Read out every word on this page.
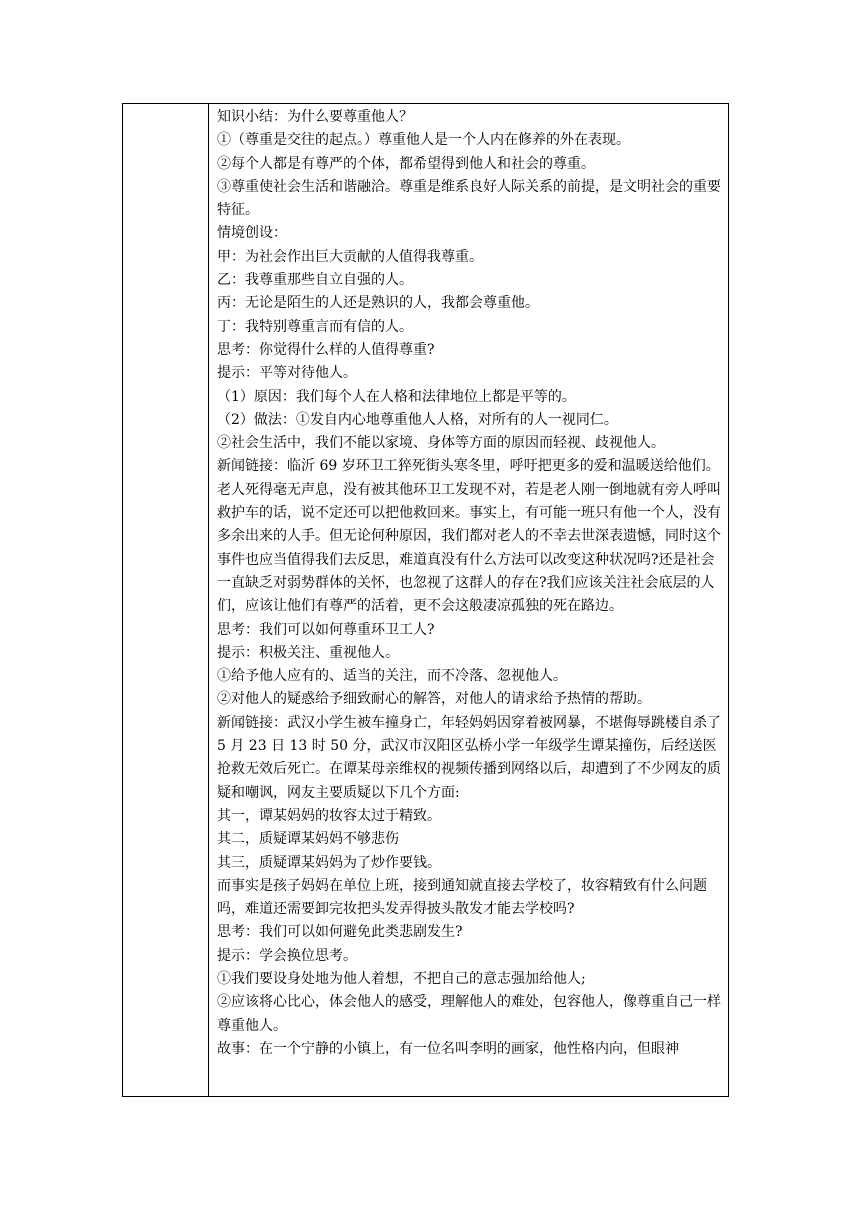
知识小结：为什么要尊重他人？
①（尊重是交往的起点。）尊重他人是一个人内在修养的外在表现。
②每个人都是有尊严的个体，都希望得到他人和社会的尊重。
③尊重使社会生活和谐融洽。尊重是维系良好人际关系的前提，是文明社会的重要特征。
情境创设：
甲：为社会作出巨大贡献的人值得我尊重。
乙：我尊重那些自立自强的人。
丙：无论是陌生的人还是熟识的人，我都会尊重他。
丁：我特别尊重言而有信的人。
思考：你觉得什么样的人值得尊重?
提示：平等对待他人。
（1）原因：我们每个人在人格和法律地位上都是平等的。
（2）做法：①发自内心地尊重他人人格，对所有的人一视同仁。
②社会生活中，我们不能以家境、身体等方面的原因而轻视、歧视他人。
新闻链接：临沂 69 岁环卫工猝死街头寒冬里，呼吁把更多的爱和温暖送给他们。
老人死得毫无声息，没有被其他环卫工发现不对，若是老人刚一倒地就有旁人呼叫救护车的话，说不定还可以把他救回来。事实上，有可能一班只有他一个人，没有多余出来的人手。但无论何种原因，我们都对老人的不幸去世深表遗憾，同时这个事件也应当值得我们去反思，难道真没有什么方法可以改变这种状况吗?还是社会一直缺乏对弱势群体的关怀，也忽视了这群人的存在?我们应该关注社会底层的人们，应该让他们有尊严的活着，更不会这般凄凉孤独的死在路边。
思考：我们可以如何尊重环卫工人?
提示：积极关注、重视他人。
①给予他人应有的、适当的关注，而不冷落、忽视他人。
②对他人的疑惑给予细致耐心的解答，对他人的请求给予热情的帮助。
新闻链接：武汉小学生被车撞身亡，年轻妈妈因穿着被网暴，不堪侮辱跳楼自杀了
5 月 23 日 13 时 50 分，武汉市汉阳区弘桥小学一年级学生谭某撞伤，后经送医抢救无效后死亡。在谭某母亲维权的视频传播到网络以后，却遭到了不少网友的质疑和嘲讽，网友主要质疑以下几个方面:
其一，谭某妈妈的妆容太过于精致。
其二，质疑谭某妈妈不够悲伤
其三，质疑谭某妈妈为了炒作要钱。
而事实是孩子妈妈在单位上班，接到通知就直接去学校了，妆容精致有什么问题吗，难道还需要卸完妆把头发弄得披头散发才能去学校吗?
思考：我们可以如何避免此类悲剧发生?
提示：学会换位思考。
①我们要设身处地为他人着想，不把自己的意志强加给他人;
②应该将心比心，体会他人的感受，理解他人的难处，包容他人，像尊重自己一样尊重他人。
故事：在一个宁静的小镇上，有一位名叫李明的画家，他性格内向，但眼神
